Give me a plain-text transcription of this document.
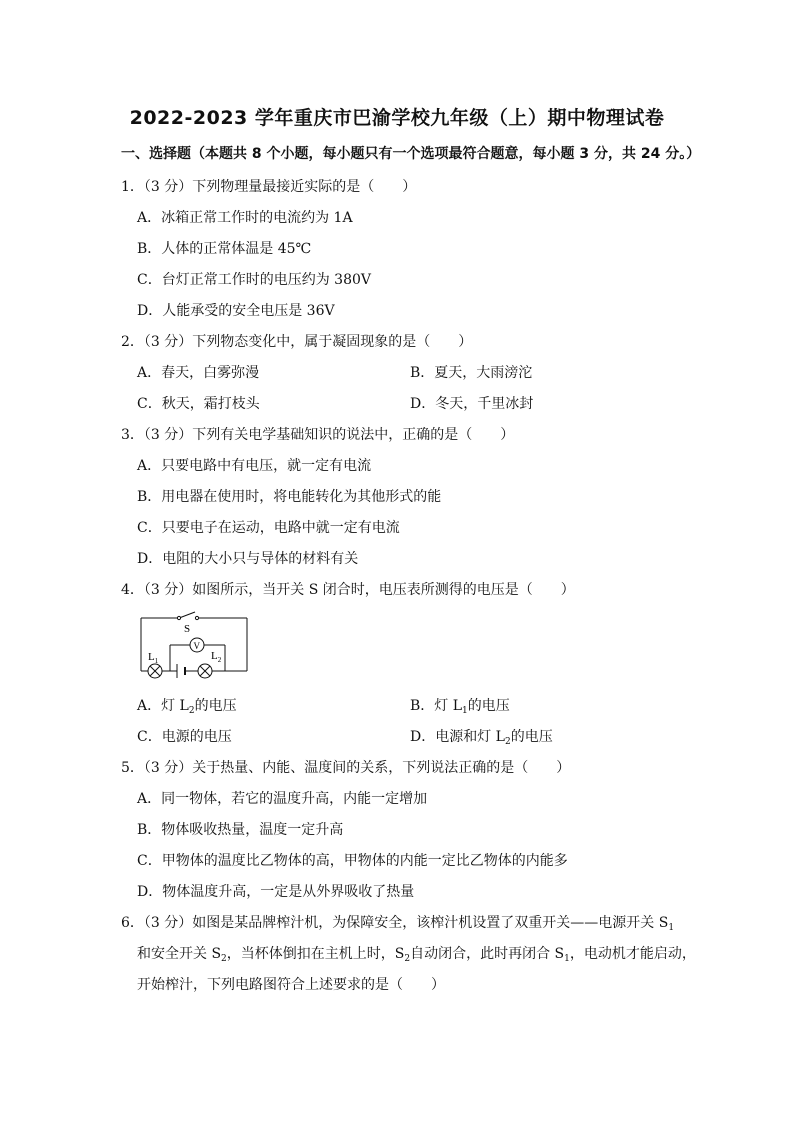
2022-2023 学年重庆市巴渝学校九年级（上）期中物理试卷
一、选择题（本题共 8 个小题，每小题只有一个选项最符合题意，每小题 3 分，共 24 分。）
1．（3 分）下列物理量最接近实际的是（　　）
A．冰箱正常工作时的电流约为 1A
B．人体的正常体温是 45℃
C．台灯正常工作时的电压约为 380V
D．人能承受的安全电压是 36V
2．（3 分）下列物态变化中，属于凝固现象的是（　　）
A．春天，白雾弥漫	B．夏天，大雨滂沱
C．秋天，霜打枝头	D．冬天，千里冰封
3．（3 分）下列有关电学基础知识的说法中，正确的是（　　）
A．只要电路中有电压，就一定有电流
B．用电器在使用时，将电能转化为其他形式的能
C．只要电子在运动，电路中就一定有电流
D．电阻的大小只与导体的材料有关
4．（3 分）如图所示，当开关 S 闭合时，电压表所测得的电压是（　　）
S
V
$L_1$	$L_2$
A．灯 $L_2$的电压	B．灯 $L_1$的电压
C．电源的电压	D．电源和灯 $L_2$的电压
5．（3 分）关于热量、内能、温度间的关系，下列说法正确的是（　　）
A．同一物体，若它的温度升高，内能一定增加
B．物体吸收热量，温度一定升高
C．甲物体的温度比乙物体的高，甲物体的内能一定比乙物体的内能多
D．物体温度升高，一定是从外界吸收了热量
6．（3 分）如图是某品牌榨汁机，为保障安全，该榨汁机设置了双重开关——电源开关 $S_1$
和安全开关 $S_2$，当杯体倒扣在主机上时，$S_2$自动闭合，此时再闭合 $S_1$，电动机才能启动，
开始榨汁，下列电路图符合上述要求的是（　　）
